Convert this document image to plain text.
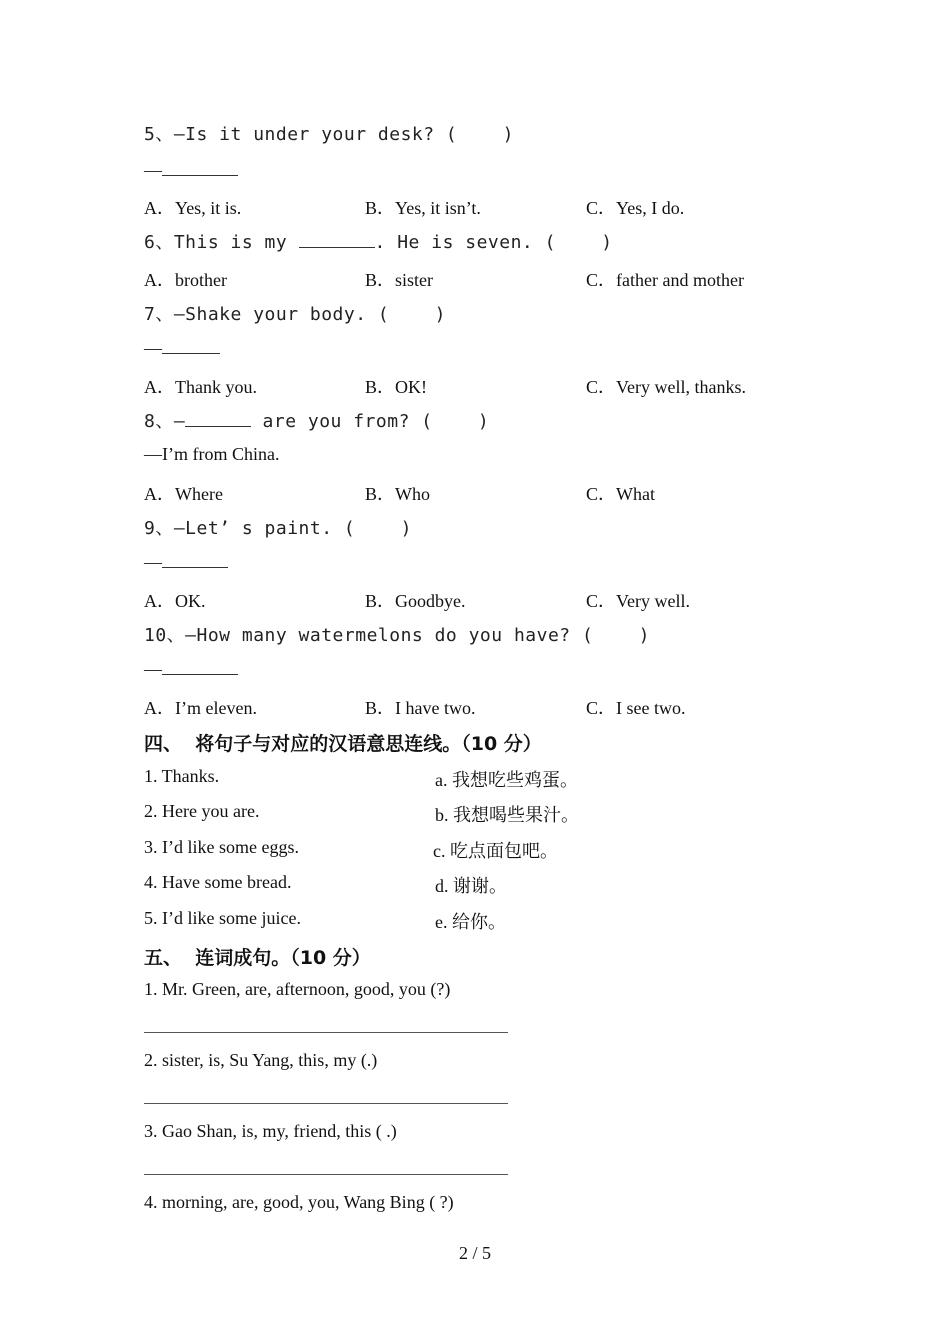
5、—Is it under your desk? (    )
—
A．Yes, it is.	B．Yes, it isn’t.	C．Yes, I do.
6、This is my	. He is seven. (    )
A．brother	B．sister	C．father and mother
7、—Shake your body. (    )
—
A．Thank you.	B．OK!	C．Very well, thanks.
8、—	are you from? (    )
—I’m from China.
A．Where	B．Who	C．What
9、—Let’ s paint. (    )
—
A．OK.	B．Goodbye.	C．Very well.
10、—How many watermelons do you have? (    )
—
A．I’m eleven.	B．I have two.	C．I see two.
四、  将句子与对应的汉语意思连线。（10 分）
1. Thanks.	a. 我想吃些鸡蛋。
2. Here you are.	b. 我想喝些果汁。
3. I’d like some eggs.	c. 吃点面包吧。
4. Have some bread.	d. 谢谢。
5. I’d like some juice.	e. 给你。
五、  连词成句。（10 分）
1. Mr. Green, are, afternoon, good, you (?)
2. sister, is, Su Yang, this, my (.)
3. Gao Shan, is, my, friend, this ( .)
4. morning, are, good, you, Wang Bing ( ?)
2 / 5
